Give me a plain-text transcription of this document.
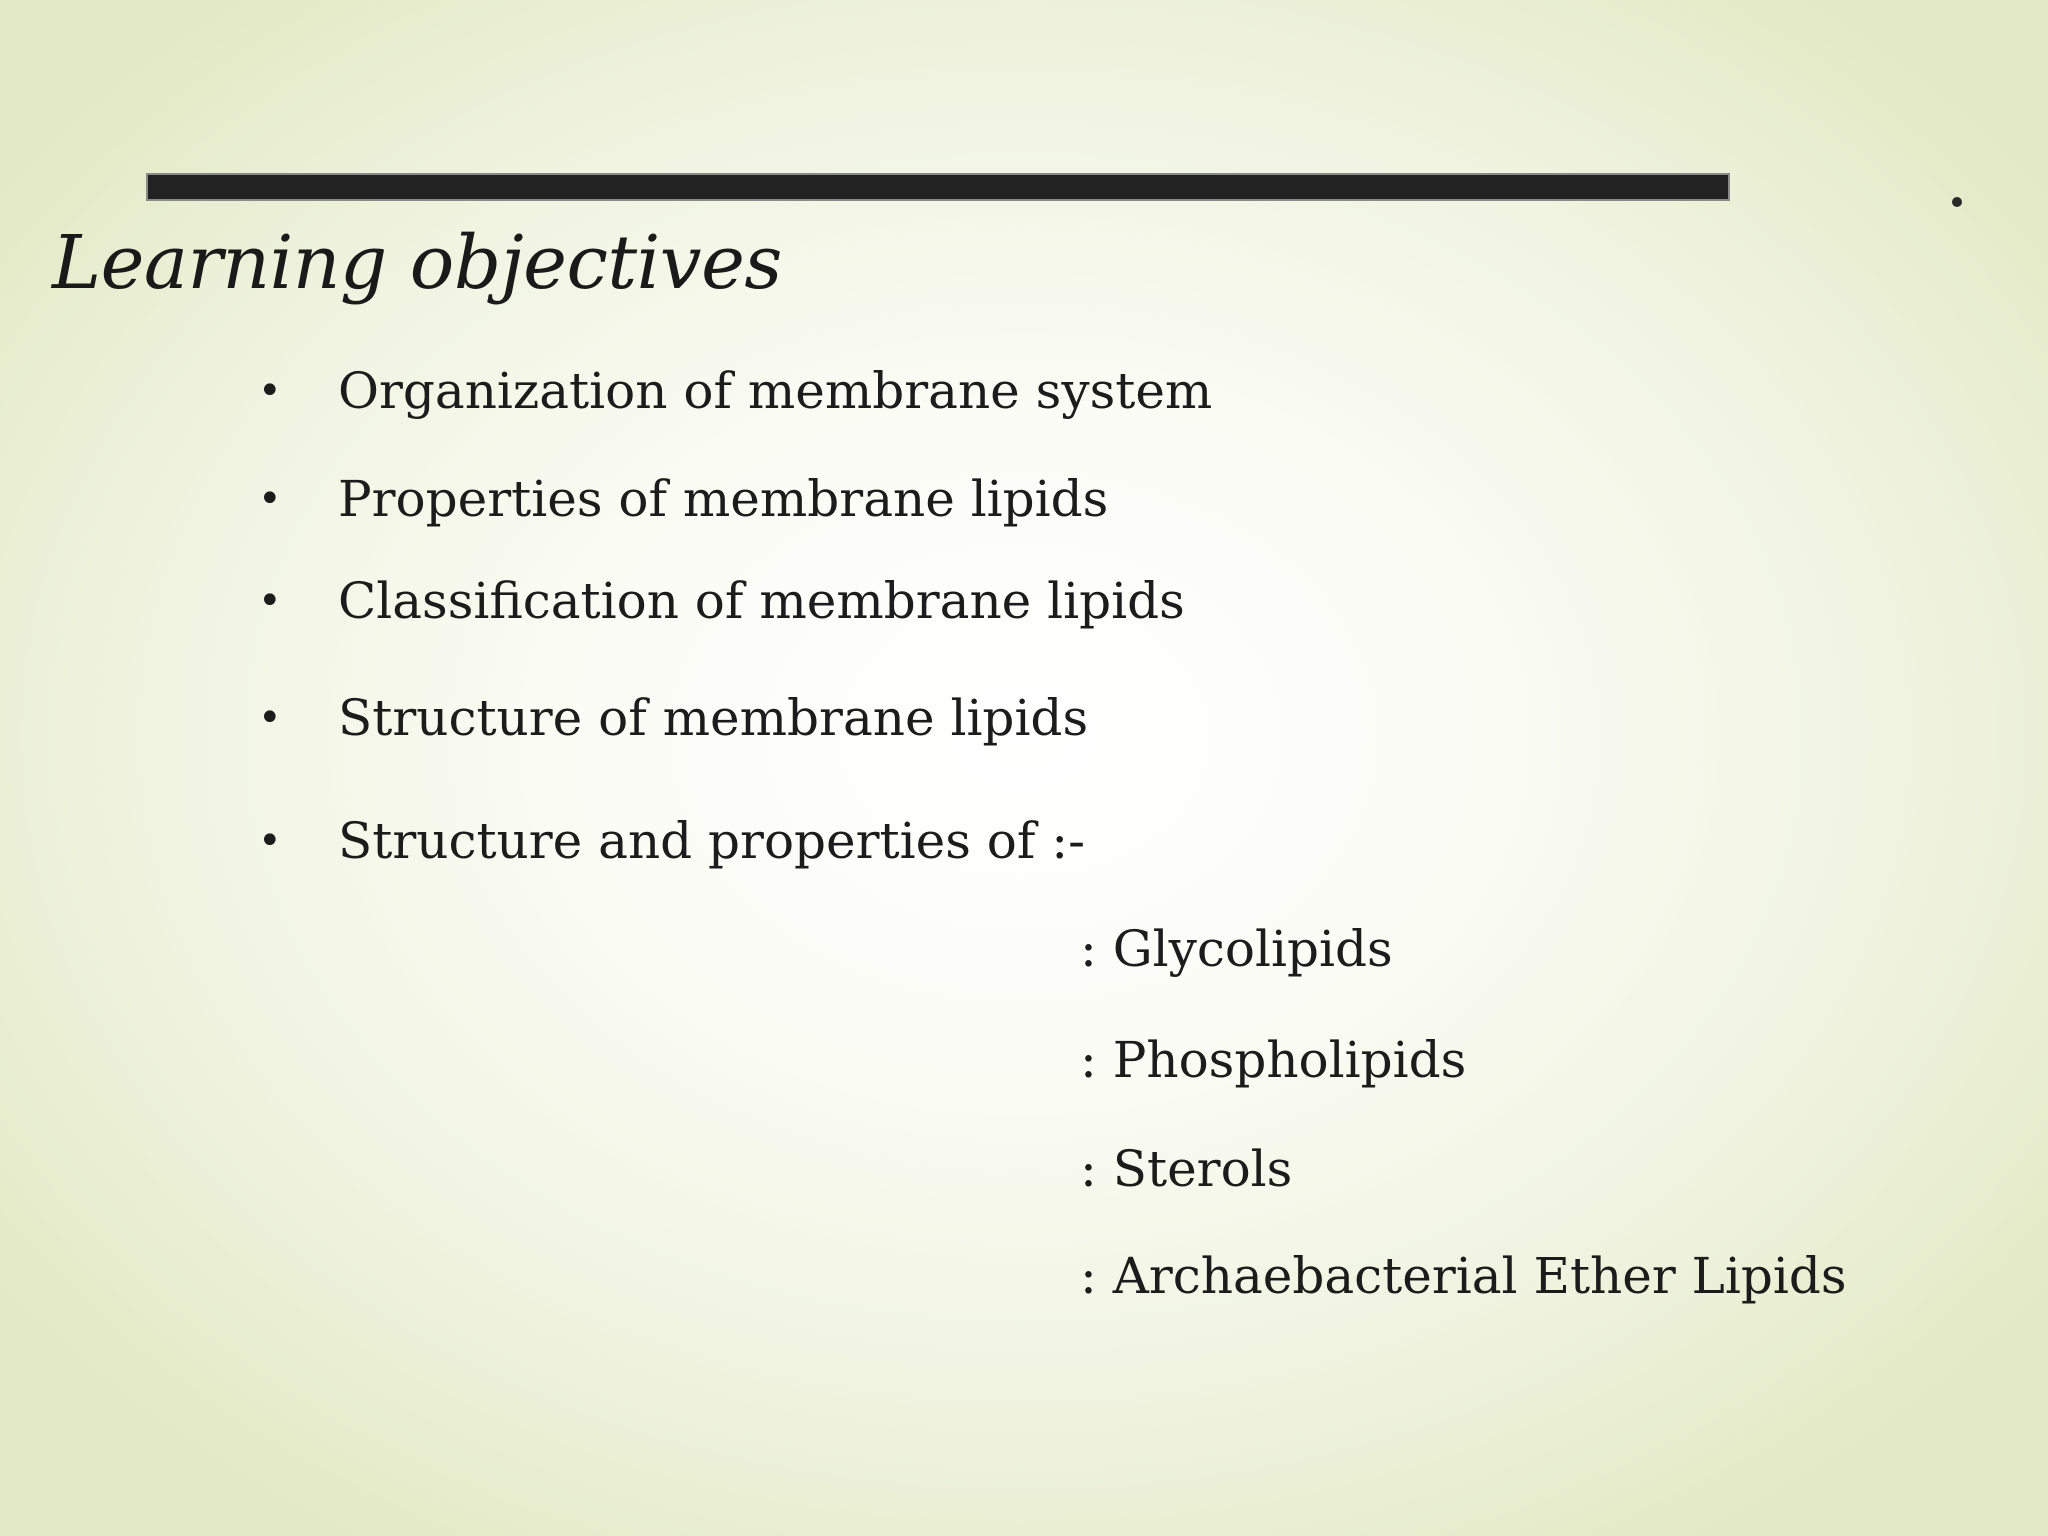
Learning objectives
• Organization of membrane system
• Properties of membrane lipids
• Classification of membrane lipids
• Structure of membrane lipids
• Structure and properties of :-
: Glycolipids
: Phospholipids
: Sterols
: Archaebacterial Ether Lipids
